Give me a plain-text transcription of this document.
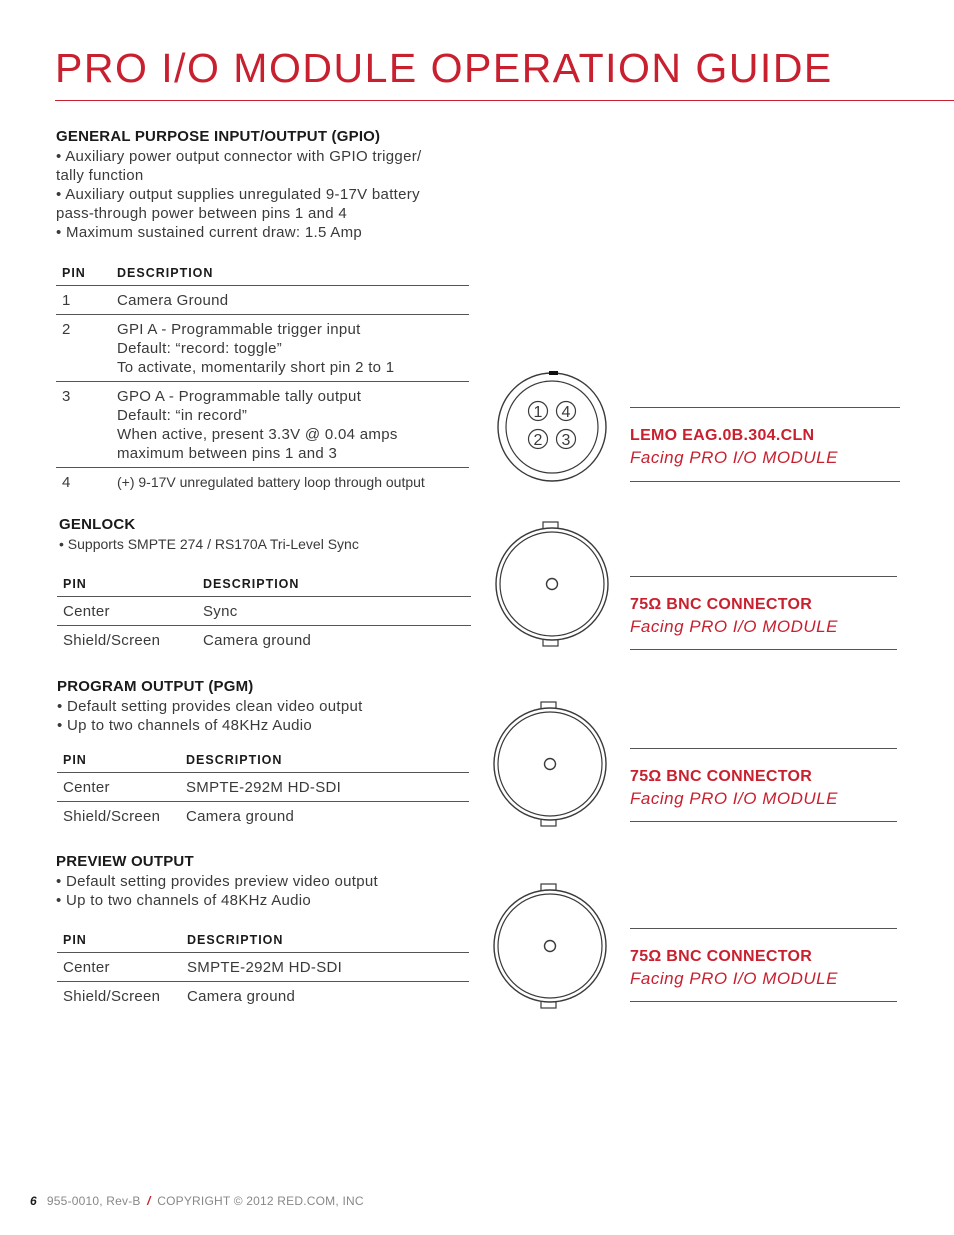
PRO I/O MODULE OPERATION GUIDE
GENERAL PURPOSE INPUT/OUTPUT (GPIO)
• Auxiliary power output connector with GPIO trigger/
tally function
• Auxiliary output supplies unregulated 9-17V battery
pass-through power between pins 1 and 4
• Maximum sustained current draw: 1.5 Amp
PIN	DESCRIPTION
1	Camera Ground
2	GPI A - Programmable trigger input
Default: “record: toggle”
To activate, momentarily short pin 2 to 1
3	GPO A - Programmable tally output
Default: “in record”
When active, present 3.3V @ 0.04 amps
maximum between pins 1 and 3
4	(+) 9-17V unregulated battery loop through output
GENLOCK
• Supports SMPTE 274 / RS170A Tri-Level Sync
PIN	DESCRIPTION
Center	Sync
Shield/Screen	Camera ground
PROGRAM OUTPUT (PGM)
• Default setting provides clean video output
• Up to two channels of 48KHz Audio
PIN	DESCRIPTION
Center	SMPTE-292M HD-SDI
Shield/Screen	Camera ground
PREVIEW OUTPUT
• Default setting provides preview video output
• Up to two channels of 48KHz Audio
PIN	DESCRIPTION
Center	SMPTE-292M HD-SDI
Shield/Screen	Camera ground
1 4
2 3	LEMO EAG.0B.304.CLN
Facing PRO I/O MODULE
75Ω BNC CONNECTOR
Facing PRO I/O MODULE
75Ω BNC CONNECTOR
Facing PRO I/O MODULE
75Ω BNC CONNECTOR
Facing PRO I/O MODULE
6 955-0010, Rev-B / COPYRIGHT © 2012 RED.COM, INC
